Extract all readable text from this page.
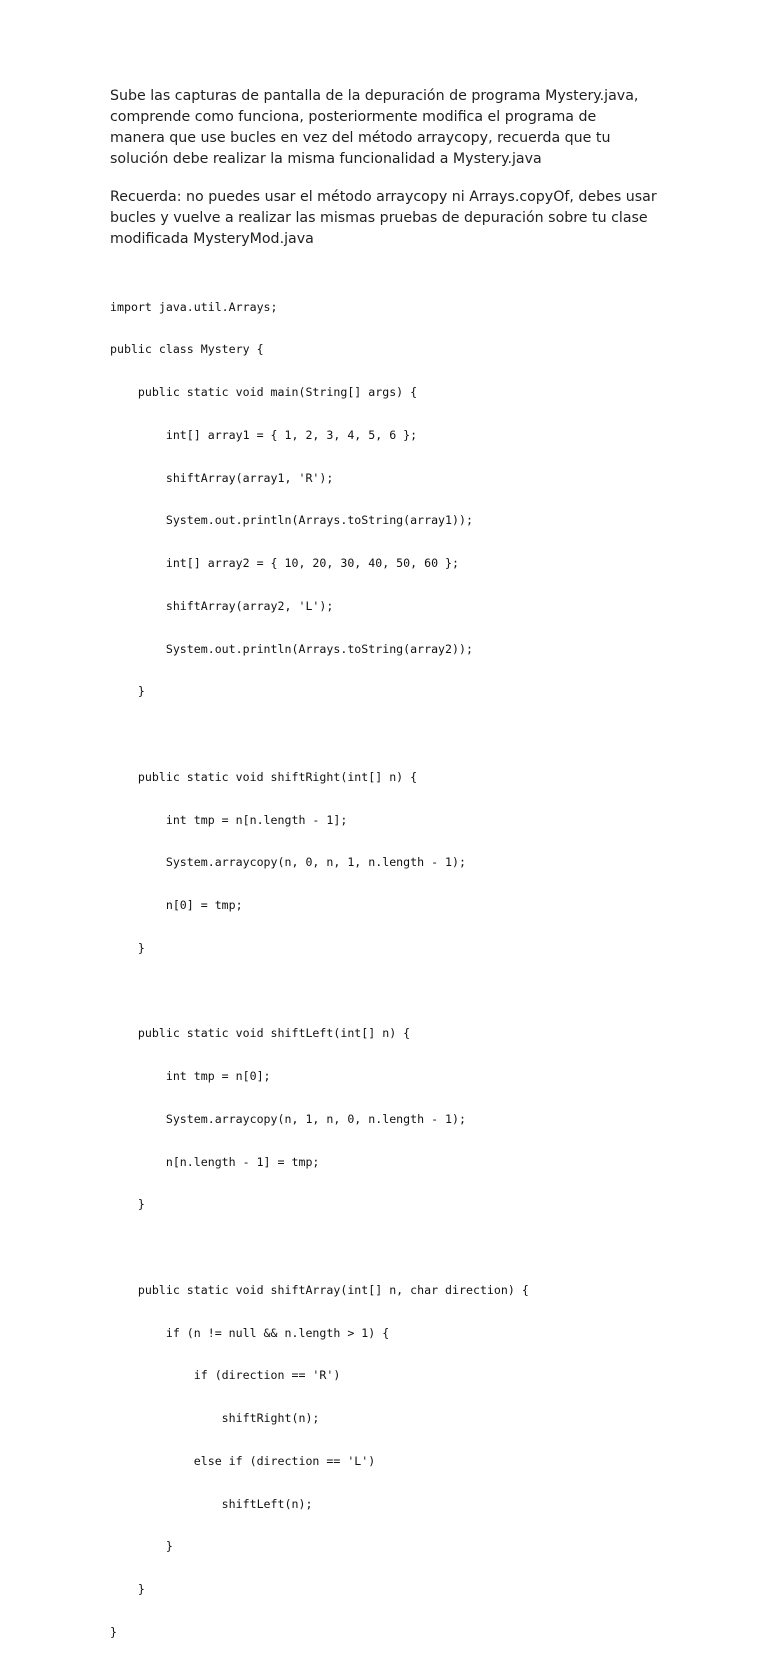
Sube las capturas de pantalla de la depuración de programa Mystery.java,
comprende como funciona, posteriormente modifica el programa de
manera que use bucles en vez del método arraycopy, recuerda que tu
solución debe realizar la misma funcionalidad a Mystery.java
Recuerda: no puedes usar el método arraycopy ni Arrays.copyOf, debes usar
bucles y vuelve a realizar las mismas pruebas de depuración sobre tu clase
modificada MysteryMod.java

import java.util.Arrays;

public class Mystery {

public static void main(String[] args) {

int[] array1 = { 1, 2, 3, 4, 5, 6 };

shiftArray(array1, 'R');

System.out.println(Arrays.toString(array1));

int[] array2 = { 10, 20, 30, 40, 50, 60 };

shiftArray(array2, 'L');

System.out.println(Arrays.toString(array2));

}

public static void shiftRight(int[] n) {

int tmp = n[n.length - 1];

System.arraycopy(n, 0, n, 1, n.length - 1);

n[0] = tmp;

}

public static void shiftLeft(int[] n) {

int tmp = n[0];

System.arraycopy(n, 1, n, 0, n.length - 1);

n[n.length - 1] = tmp;

}

public static void shiftArray(int[] n, char direction) {

if (n != null && n.length > 1) {

if (direction == 'R')

shiftRight(n);

else if (direction == 'L')

shiftLeft(n);

}

}

}
